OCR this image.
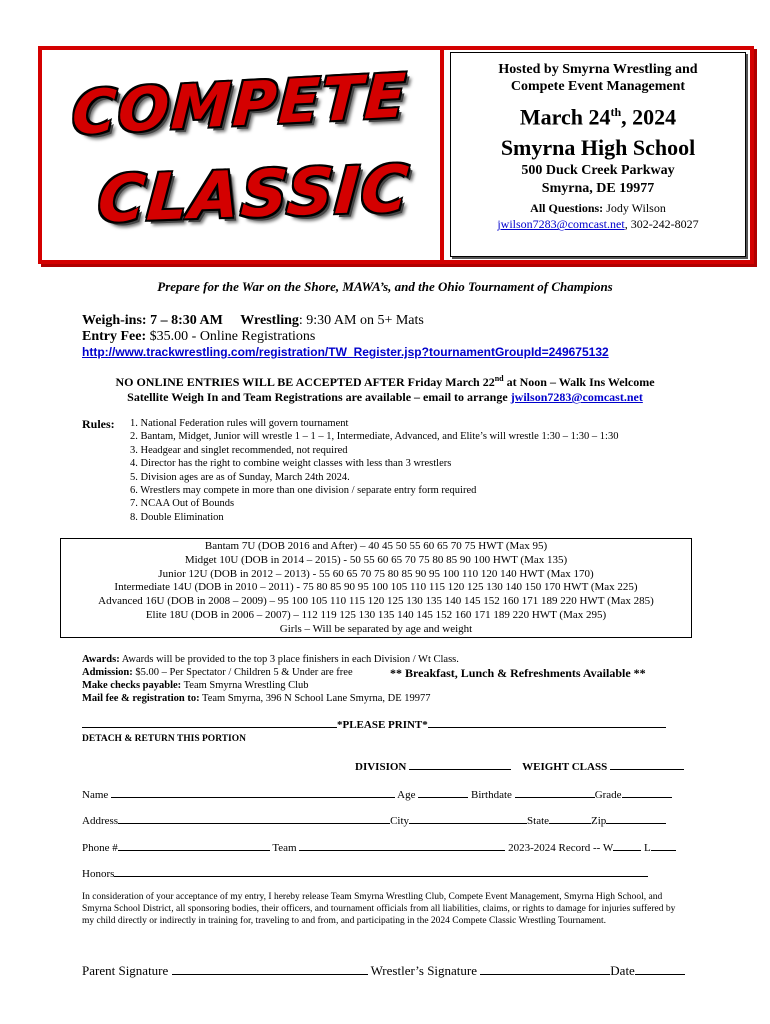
COMPETE
CLASSIC
Hosted by Smyrna Wrestling and
Compete Event Management
March 24th, 2024
Smyrna High School
500 Duck Creek Parkway
Smyrna, DE 19977
All Questions: Jody Wilson
jwilson7283@comcast.net, 302-242-8027
Prepare for the War on the Shore, MAWA’s, and the Ohio Tournament of Champions
Weigh-ins: 7 – 8:30 AM Wrestling: 9:30 AM on 5+ Mats
Entry Fee: $35.00 - Online Registrations
http://www.trackwrestling.com/registration/TW_Register.jsp?tournamentGroupId=249675132
NO ONLINE ENTRIES WILL BE ACCEPTED AFTER Friday March 22nd at Noon – Walk Ins Welcome
Satellite Weigh In and Team Registrations are available – email to arrange jwilson7283@comcast.net
Rules: 1. National Federation rules will govern tournament
2. Bantam, Midget, Junior will wrestle 1 – 1 – 1, Intermediate, Advanced, and Elite’s will wrestle 1:30 – 1:30 – 1:30
3. Headgear and singlet recommended, not required
4. Director has the right to combine weight classes with less than 3 wrestlers
5. Division ages are as of Sunday, March 24th 2024.
6. Wrestlers may compete in more than one division / separate entry form required
7. NCAA Out of Bounds
8. Double Elimination
Bantam 7U (DOB 2016 and After) – 40 45 50 55 60 65 70 75 HWT (Max 95)
Midget 10U (DOB in 2014 – 2015) - 50 55 60 65 70 75 80 85 90 100 HWT (Max 135)
Junior 12U (DOB in 2012 – 2013) - 55 60 65 70 75 80 85 90 95 100 110 120 140 HWT (Max 170)
Intermediate 14U (DOB in 2010 – 2011) - 75 80 85 90 95 100 105 110 115 120 125 130 140 150 170 HWT (Max 225)
Advanced 16U (DOB in 2008 – 2009) – 95 100 105 110 115 120 125 130 135 140 145 152 160 171 189 220 HWT (Max 285)
Elite 18U (DOB in 2006 – 2007) – 112 119 125 130 135 140 145 152 160 171 189 220 HWT (Max 295)
Girls – Will be separated by age and weight
Awards: Awards will be provided to the top 3 place finishers in each Division / Wt Class.
Admission: $5.00 – Per Spectator / Children 5 & Under are free
Make checks payable: Team Smyrna Wrestling Club
Mail fee & registration to: Team Smyrna, 396 N School Lane Smyrna, DE 19977
** Breakfast, Lunch & Refreshments Available **
*PLEASE PRINT*
DETACH & RETURN THIS PORTION
DIVISION	WEIGHT CLASS
Name	Age	Birthdate	Grade
Address	City	State	Zip
Phone #	Team	2023-2024 Record -- W	L
Honors
In consideration of your acceptance of my entry, I hereby release Team Smyrna Wrestling Club, Compete Event Management, Smyrna High School, and Smyrna School District, all sponsoring bodies, their officers, and tournament officials from all liabilities, claims, or rights to damage for injuries suffered by my child directly or indirectly in training for, traveling to and from, and participating in the 2024 Compete Classic Wrestling Tournament.
Parent Signature	Wrestler’s Signature	Date
